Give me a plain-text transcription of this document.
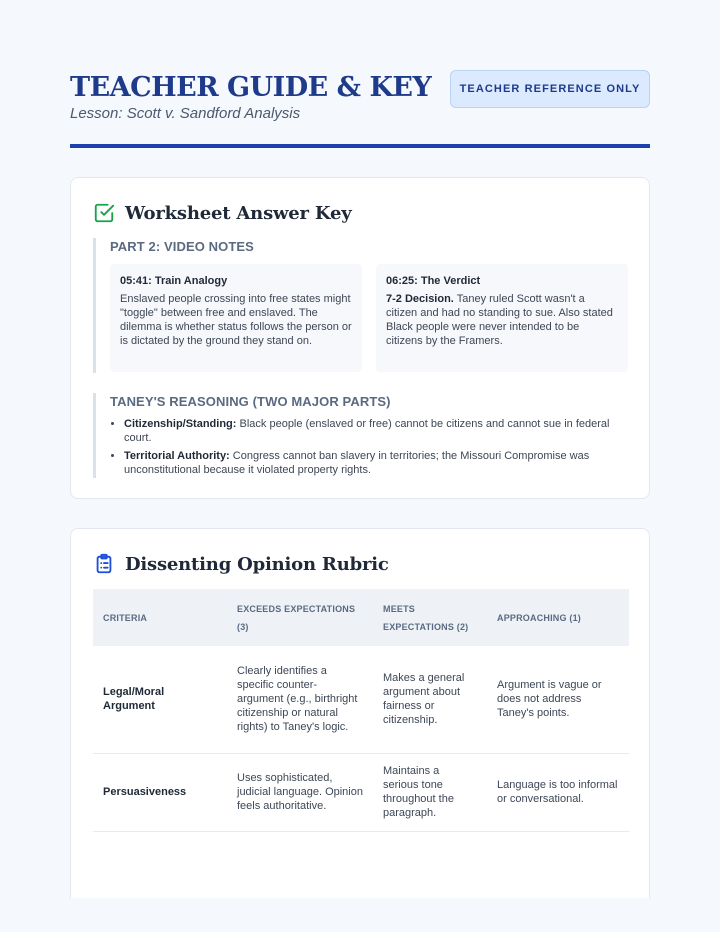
TEACHER GUIDE & KEY
Lesson: Scott v. Sandford Analysis
TEACHER REFERENCE ONLY
Worksheet Answer Key
PART 2: VIDEO NOTES
05:41: Train Analogy
Enslaved people crossing into free states might "toggle" between free and enslaved. The dilemma is whether status follows the person or is dictated by the ground they stand on.
06:25: The Verdict
7-2 Decision. Taney ruled Scott wasn't a citizen and had no standing to sue. Also stated Black people were never intended to be citizens by the Framers.
TANEY'S REASONING (TWO MAJOR PARTS)
• Citizenship/Standing: Black people (enslaved or free) cannot be citizens and cannot sue in federal court.
• Territorial Authority: Congress cannot ban slavery in territories; the Missouri Compromise was unconstitutional because it violated property rights.
Dissenting Opinion Rubric
CRITERIA	EXCEEDS EXPECTATIONS (3)	MEETS EXPECTATIONS (2)	APPROACHING (1)
Legal/Moral Argument	Clearly identifies a specific counter-argument (e.g., birthright citizenship or natural rights) to Taney's logic.	Makes a general argument about fairness or citizenship.	Argument is vague or does not address Taney's points.
Persuasiveness	Uses sophisticated, judicial language. Opinion feels authoritative.	Maintains a serious tone throughout the paragraph.	Language is too informal or conversational.
